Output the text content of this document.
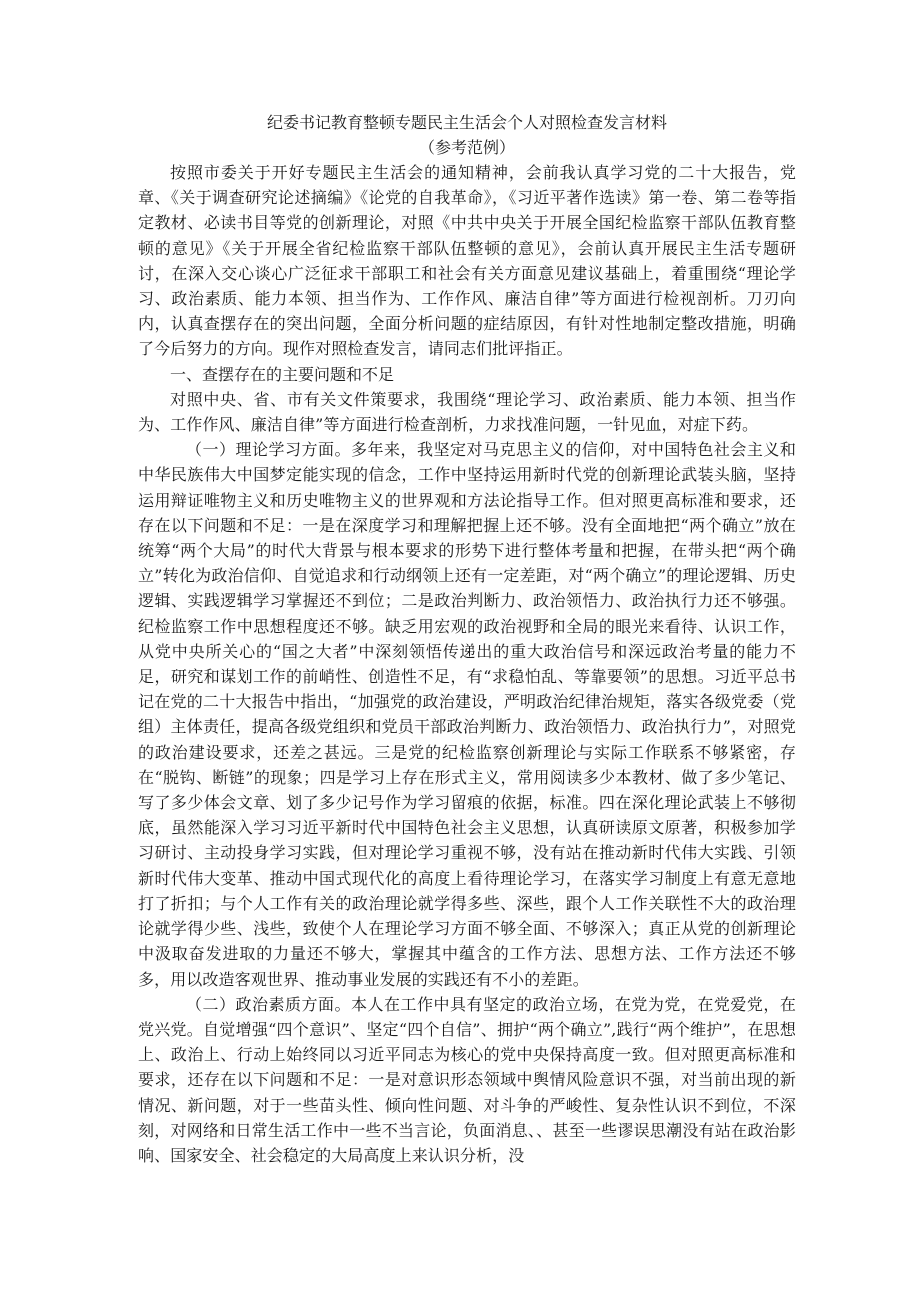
纪委书记教育整顿专题民主生活会个人对照检查发言材料
（参考范例）

按照市委关于开好专题民主生活会的通知精神，会前我认真学习党的二十大报告，党章、《关于调查研究论述摘编》《论党的自我革命》，《习近平著作选读》第一卷、第二卷等指定教材、必读书目等党的创新理论，对照《中共中央关于开展全国纪检监察干部队伍教育整顿的意见》《关于开展全省纪检监察干部队伍整顿的意见》，会前认真开展民主生活专题研讨，在深入交心谈心广泛征求干部职工和社会有关方面意见建议基础上，着重围绕“理论学习、政治素质、能力本领、担当作为、工作作风、廉洁自律”等方面进行检视剖析。刀刃向内，认真查摆存在的突出问题，全面分析问题的症结原因，有针对性地制定整改措施，明确了今后努力的方向。现作对照检查发言，请同志们批评指正。

一、查摆存在的主要问题和不足

对照中央、省、市有关文件策要求，我围绕“理论学习、政治素质、能力本领、担当作为、工作作风、廉洁自律”等方面进行检查剖析，力求找准问题，一针见血，对症下药。

（一）理论学习方面。多年来，我坚定对马克思主义的信仰，对中国特色社会主义和中华民族伟大中国梦定能实现的信念，工作中坚持运用新时代党的创新理论武装头脑，坚持运用辩证唯物主义和历史唯物主义的世界观和方法论指导工作。但对照更高标准和要求，还存在以下问题和不足：一是在深度学习和理解把握上还不够。没有全面地把“两个确立”放在统筹“两个大局”的时代大背景与根本要求的形势下进行整体考量和把握，在带头把“两个确立”转化为政治信仰、自觉追求和行动纲领上还有一定差距，对“两个确立”的理论逻辑、历史逻辑、实践逻辑学习掌握还不到位；二是政治判断力、政治领悟力、政治执行力还不够强。纪检监察工作中思想程度还不够。缺乏用宏观的政治视野和全局的眼光来看待、认识工作，从党中央所关心的“国之大者”中深刻领悟传递出的重大政治信号和深远政治考量的能力不足，研究和谋划工作的前峭性、创造性不足，有“求稳怕乱、等靠要领”的思想。习近平总书记在党的二十大报告中指出，“加强党的政治建设，严明政治纪律治规矩，落实各级党委（党组）主体责任，提高各级党组织和党员干部政治判断力、政治领悟力、政治执行力”，对照党的政治建设要求，还差之甚远。三是党的纪检监察创新理论与实际工作联系不够紧密，存在“脱钩、断链”的现象；四是学习上存在形式主义，常用阅读多少本教材、做了多少笔记、写了多少体会文章、划了多少记号作为学习留痕的依据，标准。四在深化理论武装上不够彻底，虽然能深入学习习近平新时代中国特色社会主义思想，认真研读原文原著，积极参加学习研讨、主动投身学习实践，但对理论学习重视不够，没有站在推动新时代伟大实践、引领新时代伟大变革、推动中国式现代化的高度上看待理论学习，在落实学习制度上有意无意地打了折扣；与个人工作有关的政治理论就学得多些、深些，跟个人工作关联性不大的政治理论就学得少些、浅些，致使个人在理论学习方面不够全面、不够深入；真正从党的创新理论中汲取奋发进取的力量还不够大，掌握其中蕴含的工作方法、思想方法、工作方法还不够多，用以改造客观世界、推动事业发展的实践还有不小的差距。

（二）政治素质方面。本人在工作中具有坚定的政治立场，在党为党，在党爱党，在党兴党。自觉增强“四个意识”、坚定“四个自信”、拥护“两个确立”,践行“两个维护”，在思想上、政治上、行动上始终同以习近平同志为核心的党中央保持高度一致。但对照更高标准和要求，还存在以下问题和不足：一是对意识形态领域中舆情风险意识不强，对当前出现的新情况、新问题，对于一些苗头性、倾向性问题、对斗争的严峻性、复杂性认识不到位，不深刻，对网络和日常生活工作中一些不当言论，负面消息、、甚至一些谬误思潮没有站在政治影响、国家安全、社会稳定的大局高度上来认识分析，没
